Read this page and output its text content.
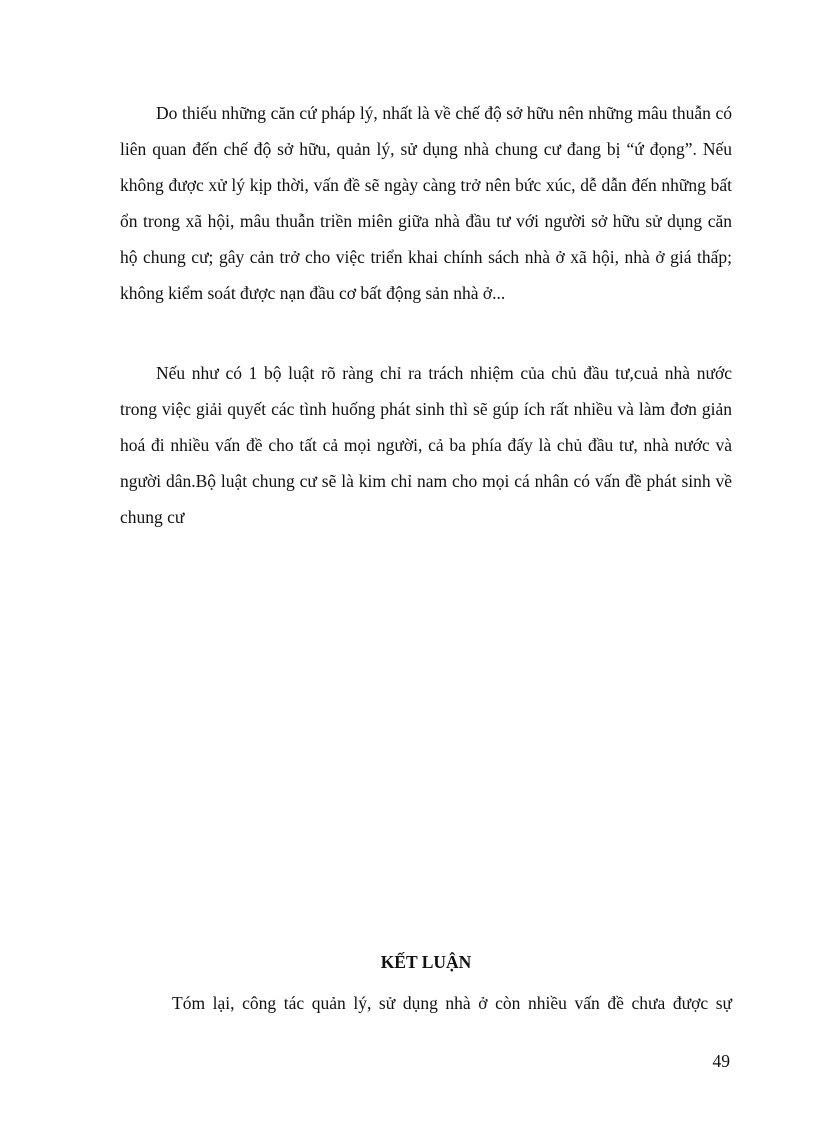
Do thiếu những căn cứ pháp lý, nhất là về chế độ sở hữu nên những mâu thuẫn có liên quan đến chế độ sở hữu, quản lý, sử dụng nhà chung cư đang bị “ứ đọng”. Nếu không được xử lý kịp thời, vấn đề sẽ ngày càng trở nên bức xúc, dễ dẫn đến những bất ổn trong xã hội, mâu thuẫn triền miên giữa nhà đầu tư với người sở hữu sử dụng căn hộ chung cư; gây cản trở cho việc triển khai chính sách nhà ở xã hội, nhà ở giá thấp; không kiểm soát được nạn đầu cơ bất động sản nhà ở...

Nếu như có 1 bộ luật rõ ràng chỉ ra trách nhiệm của chủ đầu tư,cuả nhà nước trong việc giải quyết các tình huống phát sinh thì sẽ gúp ích rất nhiều và làm đơn giản hoá đi nhiều vấn đề cho tất cả mọi người, cả ba phía đấy là chủ đầu tư, nhà nước và người dân.Bộ luật chung cư sẽ là kim chỉ nam cho mọi cá nhân có vấn đề phát sinh về chung cư

KẾT LUẬN

Tóm lại, công tác quản lý, sử dụng nhà ở còn nhiều vấn đề chưa được sự

49
